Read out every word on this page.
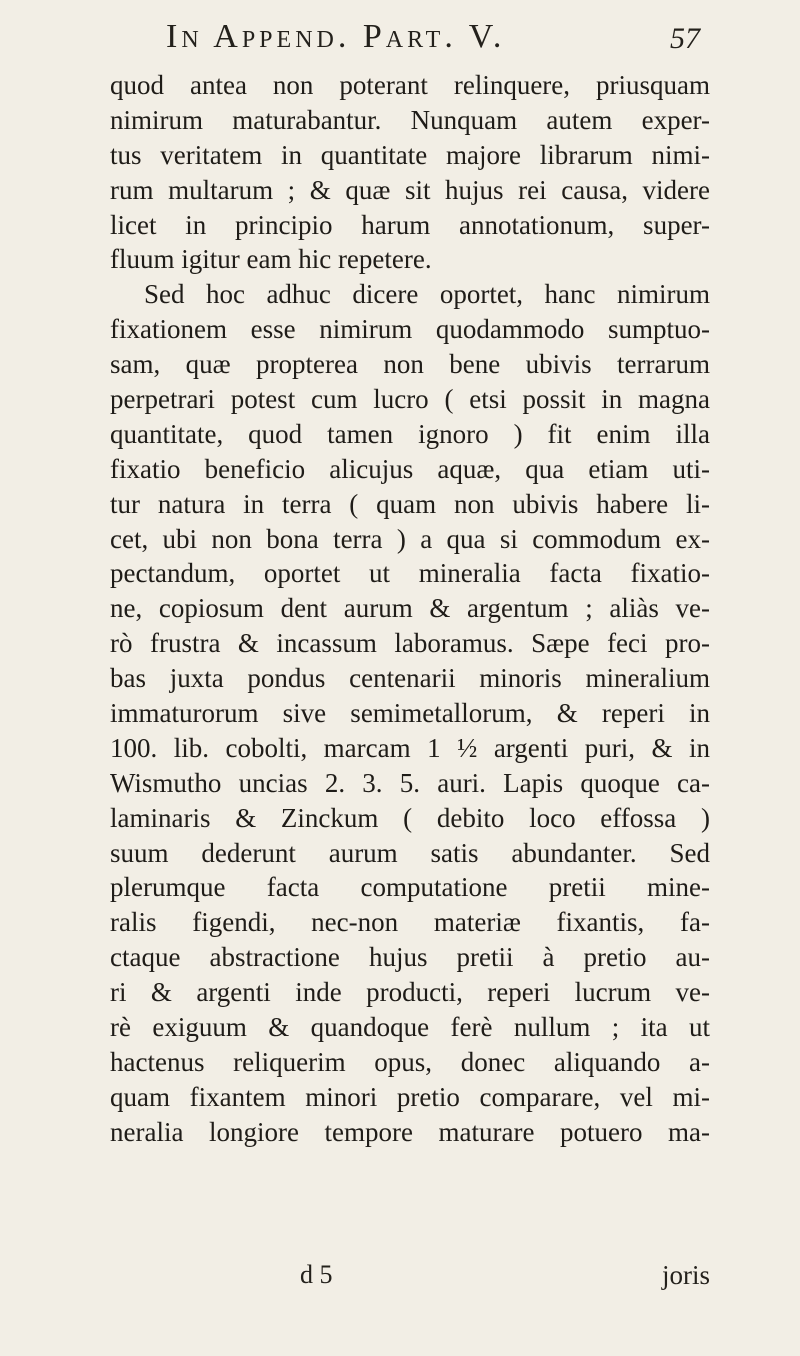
In Append. Part. V.	57
quod antea non poterant relinquere, priusquam
nimirum maturabantur. Nunquam autem exper-
tus veritatem in quantitate majore librarum nimi-
rum multarum ; & quæ sit hujus rei causa, videre
licet in principio harum annotationum, super-
fluum igitur eam hic repetere.
Sed hoc adhuc dicere oportet, hanc nimirum
fixationem esse nimirum quodammodo sumptuo-
sam, quæ propterea non bene ubivis terrarum
perpetrari potest cum lucro ( etsi possit in magna
quantitate, quod tamen ignoro ) fit enim illa
fixatio beneficio alicujus aquæ, qua etiam uti-
tur natura in terra ( quam non ubivis habere li-
cet, ubi non bona terra ) a qua si commodum ex-
pectandum, oportet ut mineralia facta fixatio-
ne, copiosum dent aurum & argentum ; aliàs ve-
rò frustra & incassum laboramus. Sæpe feci pro-
bas juxta pondus centenarii minoris mineralium
immaturorum sive semimetallorum, & reperi in
100. lib. cobolti, marcam 1 ½ argenti puri, & in
Wismutho uncias 2. 3. 5. auri. Lapis quoque ca-
laminaris & Zinckum ( debito loco effossa )
suum dederunt aurum satis abundanter. Sed
plerumque facta computatione pretii mine-
ralis figendi, nec-non materiæ fixantis, fa-
ctaque abstractione hujus pretii à pretio au-
ri & argenti inde producti, reperi lucrum ve-
rè exiguum & quandoque ferè nullum ; ita ut
hactenus reliquerim opus, donec aliquando a-
quam fixantem minori pretio comparare, vel mi-
neralia longiore tempore maturare potuero ma-
d 5	joris
